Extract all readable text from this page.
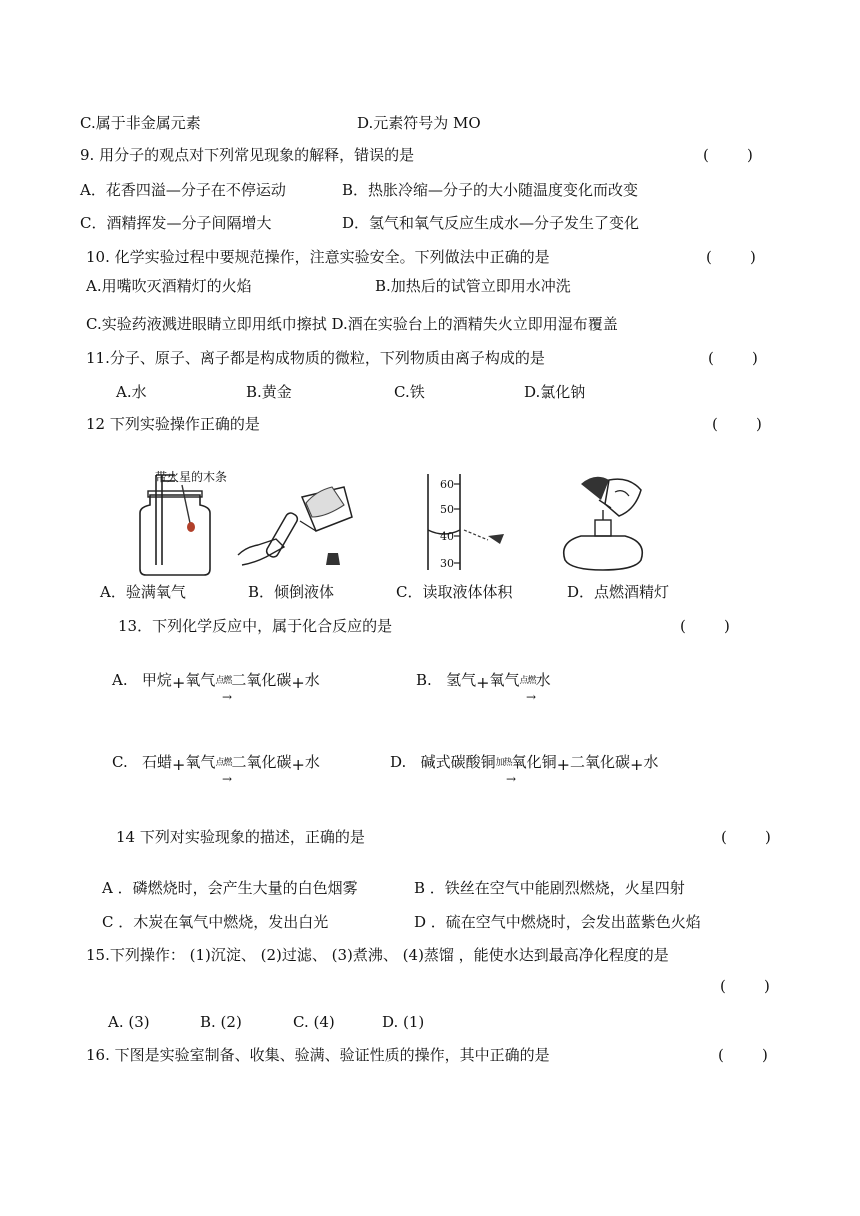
C.属于非金属元素	D.元素符号为 MO
9. 用分子的观点对下列常见现象的解释，错误的是	(        )
A．花香四溢—分子在不停运动	B．热胀冷缩—分子的大小随温度变化而改变
C．酒精挥发—分子间隔增大	D．氢气和氧气反应生成水—分子发生了变化
10. 化学实验过程中要规范操作，注意实验安全。下列做法中正确的是	(        )
A.用嘴吹灭酒精灯的火焰	B.加热后的试管立即用水冲洗
C.实验药液溅进眼睛立即用纸巾擦拭 D.酒在实验台上的酒精失火立即用湿布覆盖
11.分子、原子、离子都是构成物质的微粒，下列物质由离子构成的是	(        )
A.水	B.黄金	C.铁	D.氯化钠
12 下列实验操作正确的是	(        )
带火星的木条
60
50
40
30
A．验满氧气	B．倾倒液体	C．读取液体体积	D．点燃酒精灯
13．下列化学反应中，属于化合反应的是	(        )
A. 甲烷+氧气点燃二氧化碳+水
→
B. 氢气+氧气点燃水
→
C. 石蜡+氧气点燃二氧化碳+水
→
D. 碱式碳酸铜加热氧化铜+二氧化碳+水
→
14 下列对实验现象的描述，正确的是	(        )
A ．磷燃烧时，会产生大量的白色烟雾	B ．铁丝在空气中能剧烈燃烧，火星四射
C ．木炭在氧气中燃烧，发出白光	D ．硫在空气中燃烧时，会发出蓝紫色火焰
15.下列操作： (1)沉淀、 (2)过滤、 (3)煮沸、 (4)蒸馏 ，能使水达到最高净化程度的是
(        )
A. (3)	B. (2)	C. (4)	D. (1)
16. 下图是实验室制备、收集、验满、验证性质的操作，其中正确的是	(        )
